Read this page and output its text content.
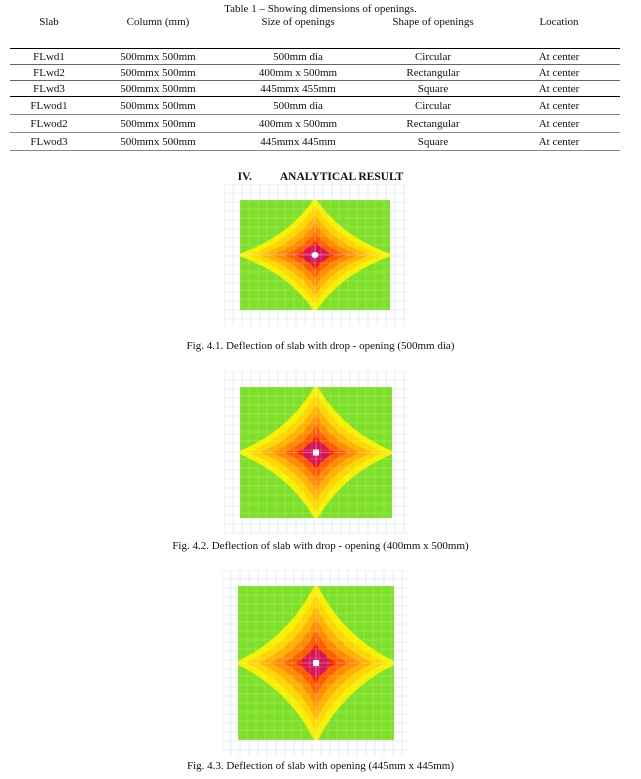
Table 1 – Showing dimensions of openings.
Slab	Column (mm)	Size of openings	Shape of openings	Location

FLwd1	500mmx 500mm	500mm dia	Circular	At center
FLwd2	500mmx 500mm	400mm x 500mm	Rectangular	At center
FLwd3	500mmx 500mm	445mmx 455mm	Square	At center
FLwod1	500mmx 500mm	500mm dia	Circular	At center
FLwod2	500mmx 500mm	400mm x 500mm	Rectangular	At center
FLwod3	500mmx 500mm	445mmx 445mm	Square	At center
IV. ANALYTICAL RESULT
Fig. 4.1. Deflection of slab with drop - opening (500mm dia)
Fig. 4.2. Deflection of slab with drop - opening (400mm x 500mm)
Fig. 4.3. Deflection of slab with opening (445mm x 445mm)
